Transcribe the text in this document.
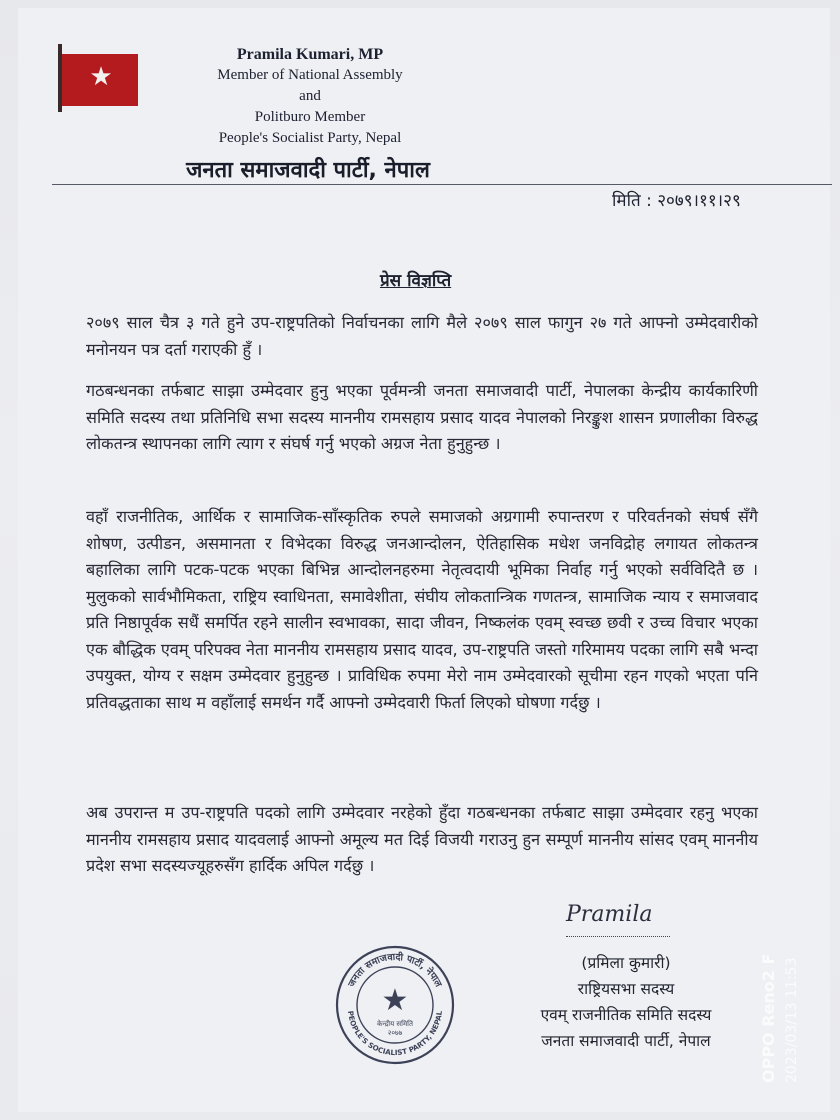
★
Pramila Kumari, MP
Member of National Assembly
and
Politburo Member
People's Socialist Party, Nepal
जनता समाजवादी पार्टी, नेपाल
मिति : २०७९।११।२९
प्रेस विज्ञप्ति
२०७९ साल चैत्र ३ गते हुने उप-राष्ट्रपतिको निर्वाचनका लागि मैले २०७९ साल फागुन २७ गते आफ्नो उम्मेदवारीको मनोनयन पत्र दर्ता गराएकी हुँ ।
गठबन्धनका तर्फबाट साझा उम्मेदवार हुनु भएका पूर्वमन्त्री जनता समाजवादी पार्टी, नेपालका केन्द्रीय कार्यकारिणी समिति सदस्य तथा प्रतिनिधि सभा सदस्य माननीय रामसहाय प्रसाद यादव नेपालको निरङ्कुश शासन प्रणालीका विरुद्ध लोकतन्त्र स्थापनका लागि त्याग र संघर्ष गर्नु भएको अग्रज नेता हुनुहुन्छ ।
वहाँ राजनीतिक, आर्थिक र सामाजिक-साँस्कृतिक रुपले समाजको अग्रगामी रुपान्तरण र परिवर्तनको संघर्ष सँगै शोषण, उत्पीडन, असमानता र विभेदका विरुद्ध जनआन्दोलन, ऐतिहासिक मधेश जनविद्रोह लगायत लोकतन्त्र बहालिका लागि पटक-पटक भएका बिभिन्न आन्दोलनहरुमा नेतृत्वदायी भूमिका निर्वाह गर्नु भएको सर्वविदितै छ । मुलुकको सार्वभौमिकता, राष्ट्रिय स्वाधिनता, समावेशीता, संघीय लोकतान्त्रिक गणतन्त्र, सामाजिक न्याय र समाजवाद प्रति निष्ठापूर्वक सधैं समर्पित रहने सालीन स्वभावका, सादा जीवन, निष्कलंक एवम् स्वच्छ छवी र उच्च विचार भएका एक बौद्धिक एवम् परिपक्व नेता माननीय रामसहाय प्रसाद यादव, उप-राष्ट्रपति जस्तो गरिमामय पदका लागि सबै भन्दा उपयुक्त, योग्य र सक्षम उम्मेदवार हुनुहुन्छ । प्राविधिक रुपमा मेरो नाम उम्मेदवारको सूचीमा रहन गएको भएता पनि प्रतिवद्धताका साथ म वहाँलाई समर्थन गर्दै आफ्नो उम्मेदवारी फिर्ता लिएको घोषणा गर्दछु ।
अब उपरान्त म उप-राष्ट्रपति पदको लागि उम्मेदवार नरहेको हुँदा गठबन्धनका तर्फबाट साझा उम्मेदवार रहनु भएका माननीय रामसहाय प्रसाद यादवलाई आफ्नो अमूल्य मत दिई विजयी गराउनु हुन सम्पूर्ण माननीय सांसद एवम् माननीय प्रदेश सभा सदस्यज्यूहरुसँग हार्दिक अपिल गर्दछु ।
जनता समाजवादी पार्टी, नेपाल
PEOPLE'S SOCIALIST PARTY, NEPAL
★
केन्द्रीय समिति
२०७७
Pramila
(प्रमिला कुमारी)
राष्ट्रियसभा सदस्य
एवम् राजनीतिक समिति सदस्य
जनता समाजवादी पार्टी, नेपाल	OPPO Reno2 F 2023/03/13 11:53
